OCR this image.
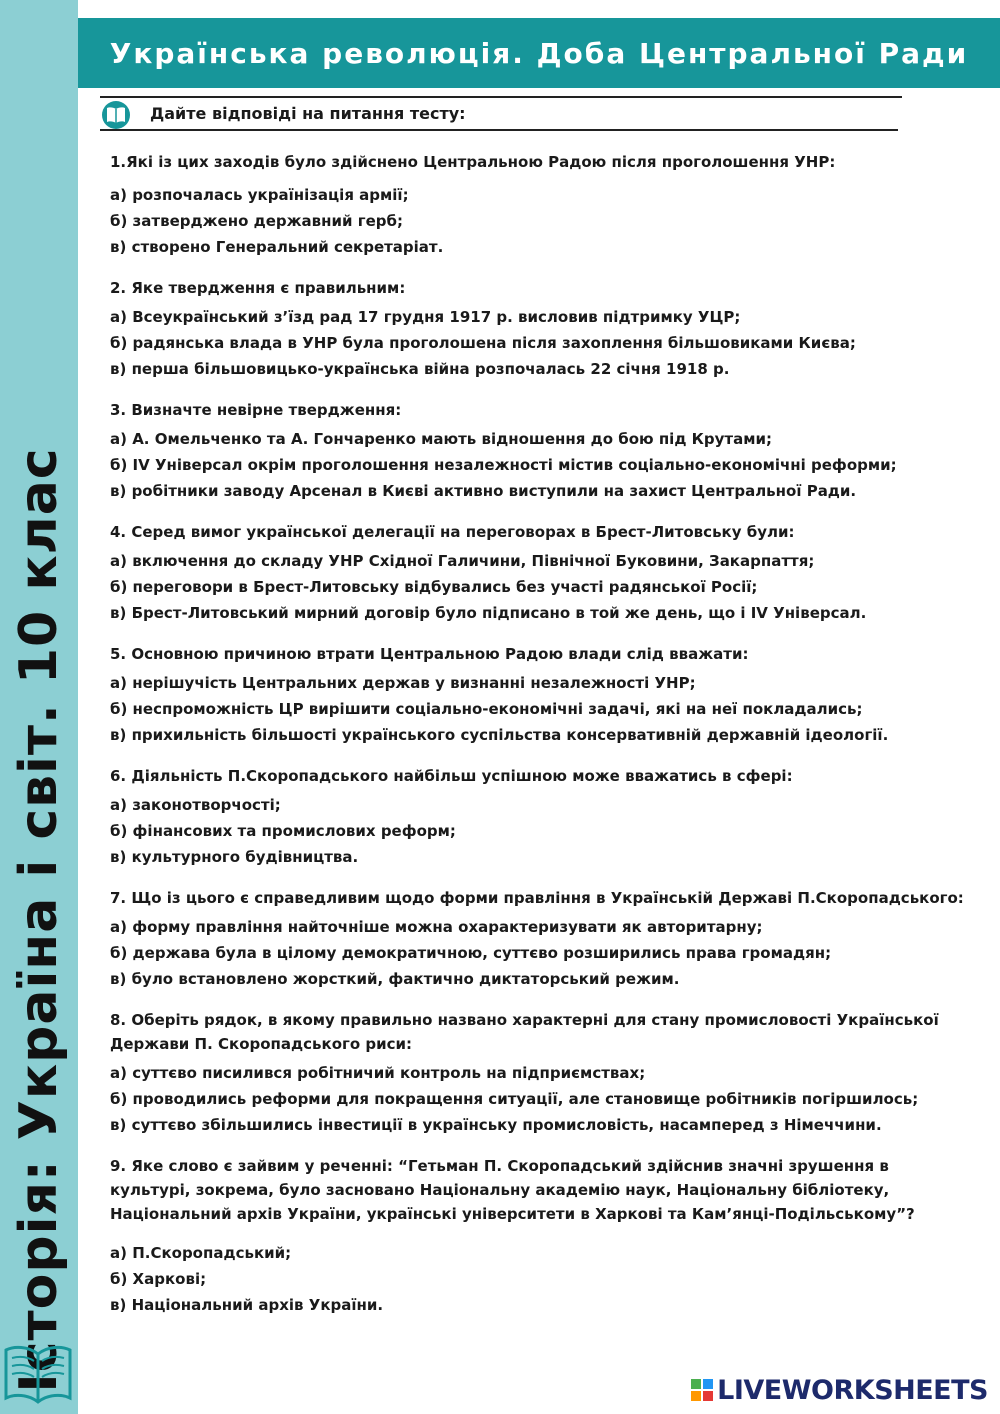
Історія: Україна і світ. 10 клас
Українська революція. Доба Центральної Ради
Дайте відповіді на питання тесту:
1.Які із цих заходів було здійснено Центральною Радою після проголошення УНР:
а) розпочалась українізація армії;
б) затверджено державний герб;
в) створено Генеральний секретаріат.
2. Яке твердження є правильним:
а) Всеукраїнський з’їзд рад 17 грудня 1917 р. висловив підтримку УЦР;
б) радянська влада в УНР була проголошена після захоплення більшовиками Києва;
в) перша більшовицько-українська війна розпочалась 22 січня 1918 р.
3. Визначте невірне твердження:
а) А. Омельченко та А. Гончаренко мають відношення до бою під Крутами;
б) IV Універсал окрім проголошення незалежності містив соціально-економічні реформи;
в) робітники заводу Арсенал в Києві активно виступили на захист Центральної Ради.
4. Серед вимог української делегації на переговорах в Брест-Литовську були:
а) включення до складу УНР Східної Галичини, Північної Буковини, Закарпаття;
б) переговори в Брест-Литовську відбувались без участі радянської Росії;
в) Брест-Литовський мирний договір було підписано в той же день, що і IV Універсал.
5. Основною причиною втрати Центральною Радою влади слід вважати:
а) нерішучість Центральних держав у визнанні незалежності УНР;
б) неспроможність ЦР вирішити соціально-економічні задачі, які на неї покладались;
в) прихильність більшості українського суспільства консервативній державній ідеології.
6. Діяльність П.Скоропадського найбільш успішною може вважатись в сфері:
а) законотворчості;
б) фінансових та промислових реформ;
в) культурного будівництва.
7. Що із цього є справедливим щодо форми правління в Українській Державі П.Скоропадського:
а) форму правління найточніше можна охарактеризувати як авторитарну;
б) держава була в цілому демократичною, суттєво розширились права громадян;
в) було встановлено жорсткий, фактично диктаторський режим.
8. Оберіть рядок, в якому правильно названо характерні для стану промисловості Української Держави П. Скоропадського риси:
а) суттєво писилився робітничий контроль на підприємствах;
б) проводились реформи для покращення ситуації, але становище робітників погіршилось;
в) суттєво збільшились інвестиції в українську промисловість, насамперед з Німеччини.
9. Яке слово є зайвим у реченні: “Гетьман П. Скоропадський здійснив значні зрушення в культурі, зокрема, було засновано Національну академію наук, Національну бібліотеку, Національний архів України, українські університети в Харкові та Кам’янці-Подільському”?
а) П.Скоропадський;
б) Харкові;
в) Національний архів України.
LIVEWORKSHEETS
